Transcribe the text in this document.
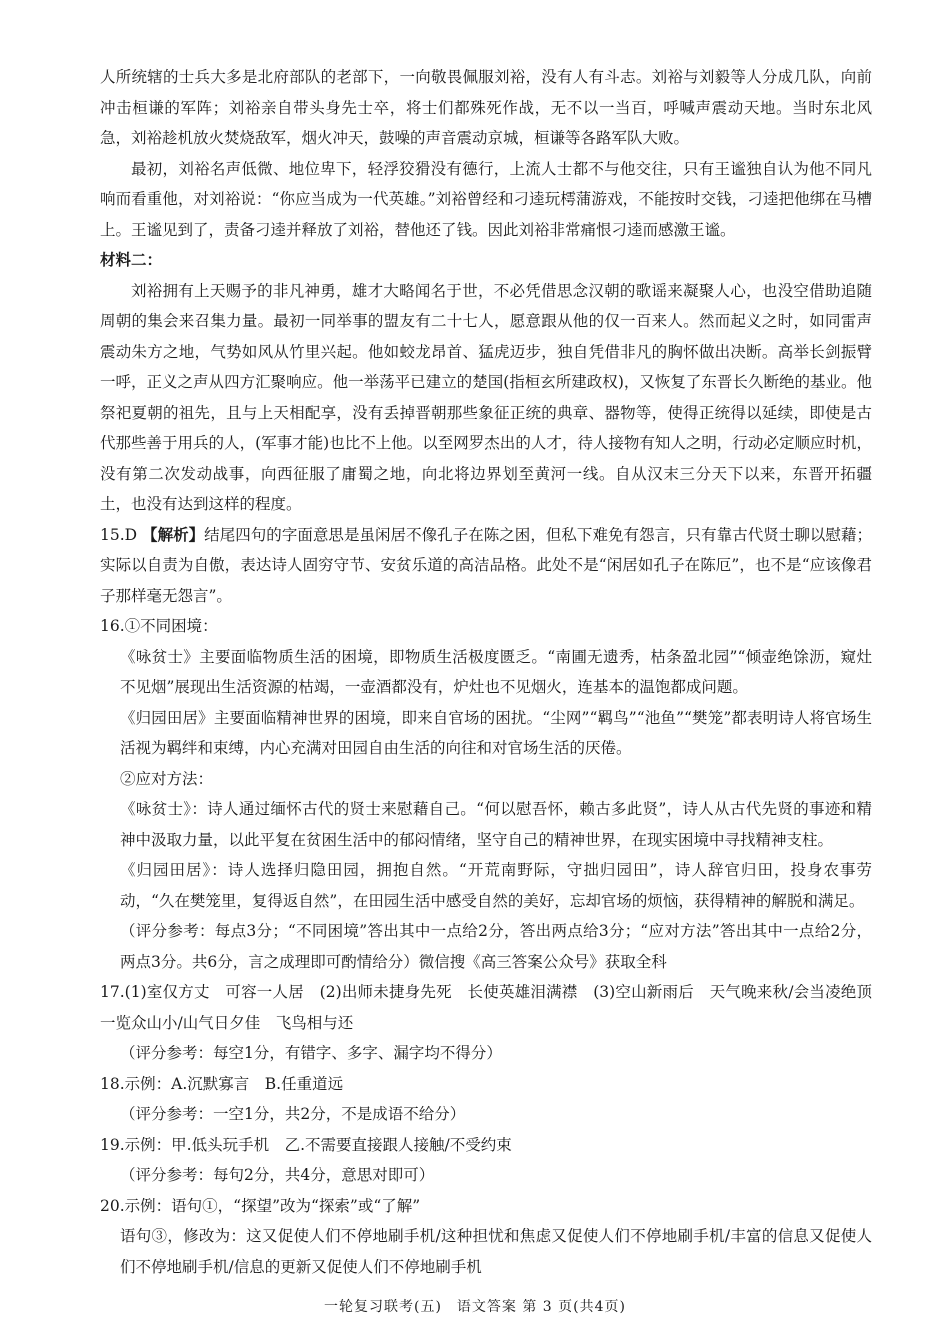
人所统辖的士兵大多是北府部队的老部下，一向敬畏佩服刘裕，没有人有斗志。刘裕与刘毅等人分成几队，向前冲击桓谦的军阵；刘裕亲自带头身先士卒，将士们都殊死作战，无不以一当百，呼喊声震动天地。当时东北风急，刘裕趁机放火焚烧敌军，烟火冲天，鼓噪的声音震动京城，桓谦等各路军队大败。

最初，刘裕名声低微、地位卑下，轻浮狡猾没有德行，上流人士都不与他交往，只有王谧独自认为他不同凡响而看重他，对刘裕说：“你应当成为一代英雄。”刘裕曾经和刁逵玩樗蒲游戏，不能按时交钱，刁逵把他绑在马槽上。王谧见到了，责备刁逵并释放了刘裕，替他还了钱。因此刘裕非常痛恨刁逵而感激王谧。

材料二：

刘裕拥有上天赐予的非凡神勇，雄才大略闻名于世，不必凭借思念汉朝的歌谣来凝聚人心，也没空借助追随周朝的集会来召集力量。最初一同举事的盟友有二十七人，愿意跟从他的仅一百来人。然而起义之时，如同雷声震动朱方之地，气势如风从竹里兴起。他如蛟龙昂首、猛虎迈步，独自凭借非凡的胸怀做出决断。高举长剑振臂一呼，正义之声从四方汇聚响应。他一举荡平已建立的楚国(指桓玄所建政权)，又恢复了东晋长久断绝的基业。他祭祀夏朝的祖先，且与上天相配享，没有丢掉晋朝那些象征正统的典章、器物等，使得正统得以延续，即使是古代那些善于用兵的人，(军事才能)也比不上他。以至网罗杰出的人才，待人接物有知人之明，行动必定顺应时机，没有第二次发动战事，向西征服了庸蜀之地，向北将边界划至黄河一线。自从汉末三分天下以来，东晋开拓疆土，也没有达到这样的程度。

15.D 【解析】结尾四句的字面意思是虽闲居不像孔子在陈之困，但私下难免有怨言，只有靠古代贤士聊以慰藉；实际以自责为自傲，表达诗人固穷守节、安贫乐道的高洁品格。此处不是“闲居如孔子在陈厄”，也不是“应该像君子那样毫无怨言”。

16.①不同困境：

《咏贫士》主要面临物质生活的困境，即物质生活极度匮乏。“南圃无遗秀，枯条盈北园”“倾壶绝馀沥，窥灶不见烟”展现出生活资源的枯竭，一壶酒都没有，炉灶也不见烟火，连基本的温饱都成问题。

《归园田居》主要面临精神世界的困境，即来自官场的困扰。“尘网”“羁鸟”“池鱼”“樊笼”都表明诗人将官场生活视为羁绊和束缚，内心充满对田园自由生活的向往和对官场生活的厌倦。

②应对方法：

《咏贫士》：诗人通过缅怀古代的贤士来慰藉自己。“何以慰吾怀，赖古多此贤”，诗人从古代先贤的事迹和精神中汲取力量，以此平复在贫困生活中的郁闷情绪，坚守自己的精神世界，在现实困境中寻找精神支柱。

《归园田居》：诗人选择归隐田园，拥抱自然。“开荒南野际，守拙归园田”，诗人辞官归田，投身农事劳动，“久在樊笼里，复得返自然”，在田园生活中感受自然的美好，忘却官场的烦恼，获得精神的解脱和满足。

（评分参考：每点3分；“不同困境”答出其中一点给2分，答出两点给3分；“应对方法”答出其中一点给2分，两点3分。共6分，言之成理即可酌情给分）微信搜《高三答案公众号》获取全科

17.(1)室仅方丈　可容一人居　(2)出师未捷身先死　长使英雄泪满襟　(3)空山新雨后　天气晚来秋/会当凌绝顶　一览众山小/山气日夕佳　飞鸟相与还

（评分参考：每空1分，有错字、多字、漏字均不得分）

18.示例：A.沉默寡言　B.任重道远

（评分参考：一空1分，共2分，不是成语不给分）

19.示例：甲.低头玩手机　乙.不需要直接跟人接触/不受约束

（评分参考：每句2分，共4分，意思对即可）

20.示例：语句①，“探望”改为“探索”或“了解”

语句③，修改为：这又促使人们不停地刷手机/这种担忧和焦虑又促使人们不停地刷手机/丰富的信息又促使人们不停地刷手机/信息的更新又促使人们不停地刷手机

一轮复习联考(五)　语文答案 第 3 页(共4页)
